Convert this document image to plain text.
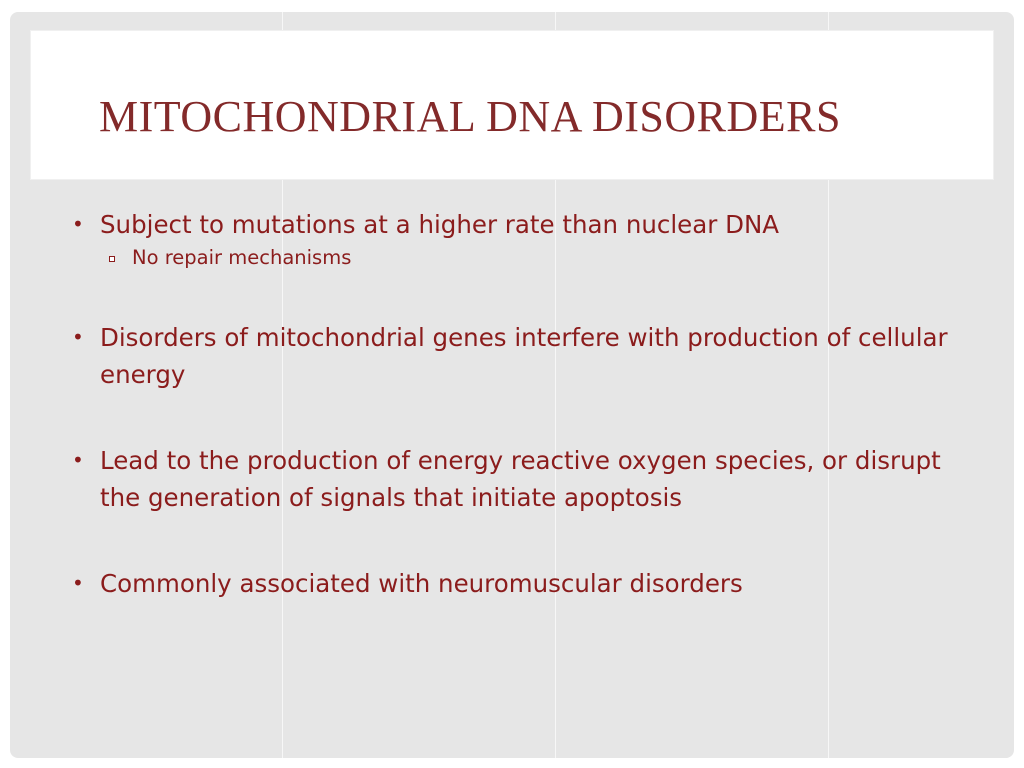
MITOCHONDRIAL DNA DISORDERS

• Subject to mutations at a higher rate than nuclear DNA

No repair mechanisms

• Disorders of mitochondrial genes interfere with production of cellular energy

• Lead to the production of energy reactive oxygen species, or disrupt the generation of signals that initiate apoptosis

• Commonly associated with neuromuscular disorders
